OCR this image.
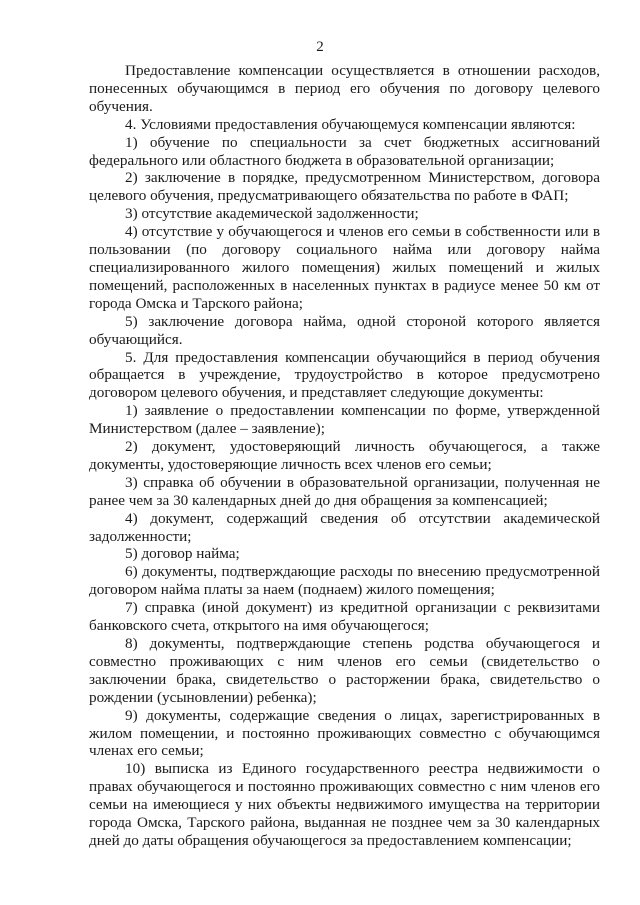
2

Предоставление компенсации осуществляется в отношении расходов, понесенных обучающимся в период его обучения по договору целевого обучения.

4. Условиями предоставления обучающемуся компенсации являются:

1) обучение по специальности за счет бюджетных ассигнований федерального или областного бюджета в образовательной организации;

2) заключение в порядке, предусмотренном Министерством, договора целевого обучения, предусматривающего обязательства по работе в ФАП;

3) отсутствие академической задолженности;

4) отсутствие у обучающегося и членов его семьи в собственности или в пользовании (по договору социального найма или договору найма специализированного жилого помещения) жилых помещений и жилых помещений, расположенных в населенных пунктах в радиусе менее 50 км от города Омска и Тарского района;

5) заключение договора найма, одной стороной которого является обучающийся.

5. Для предоставления компенсации обучающийся в период обучения обращается в учреждение, трудоустройство в которое предусмотрено договором целевого обучения, и представляет следующие документы:

1) заявление о предоставлении компенсации по форме, утвержденной Министерством (далее – заявление);

2) документ, удостоверяющий личность обучающегося, а также документы, удостоверяющие личность всех членов его семьи;

3) справка об обучении в образовательной организации, полученная не ранее чем за 30 календарных дней до дня обращения за компенсацией;

4) документ, содержащий сведения об отсутствии академической задолженности;

5) договор найма;

6) документы, подтверждающие расходы по внесению предусмотренной договором найма платы за наем (поднаем) жилого помещения;

7) справка (иной документ) из кредитной организации с реквизитами банковского счета, открытого на имя обучающегося;

8) документы, подтверждающие степень родства обучающегося и совместно проживающих с ним членов его семьи (свидетельство о заключении брака, свидетельство о расторжении брака, свидетельство о рождении (усыновлении) ребенка);

9) документы, содержащие сведения о лицах, зарегистрированных в жилом помещении, и постоянно проживающих совместно с обучающимся членах его семьи;

10) выписка из Единого государственного реестра недвижимости о правах обучающегося и постоянно проживающих совместно с ним членов его семьи на имеющиеся у них объекты недвижимого имущества на территории города Омска, Тарского района, выданная не позднее чем за 30 календарных дней до даты обращения обучающегося за предоставлением компенсации;
